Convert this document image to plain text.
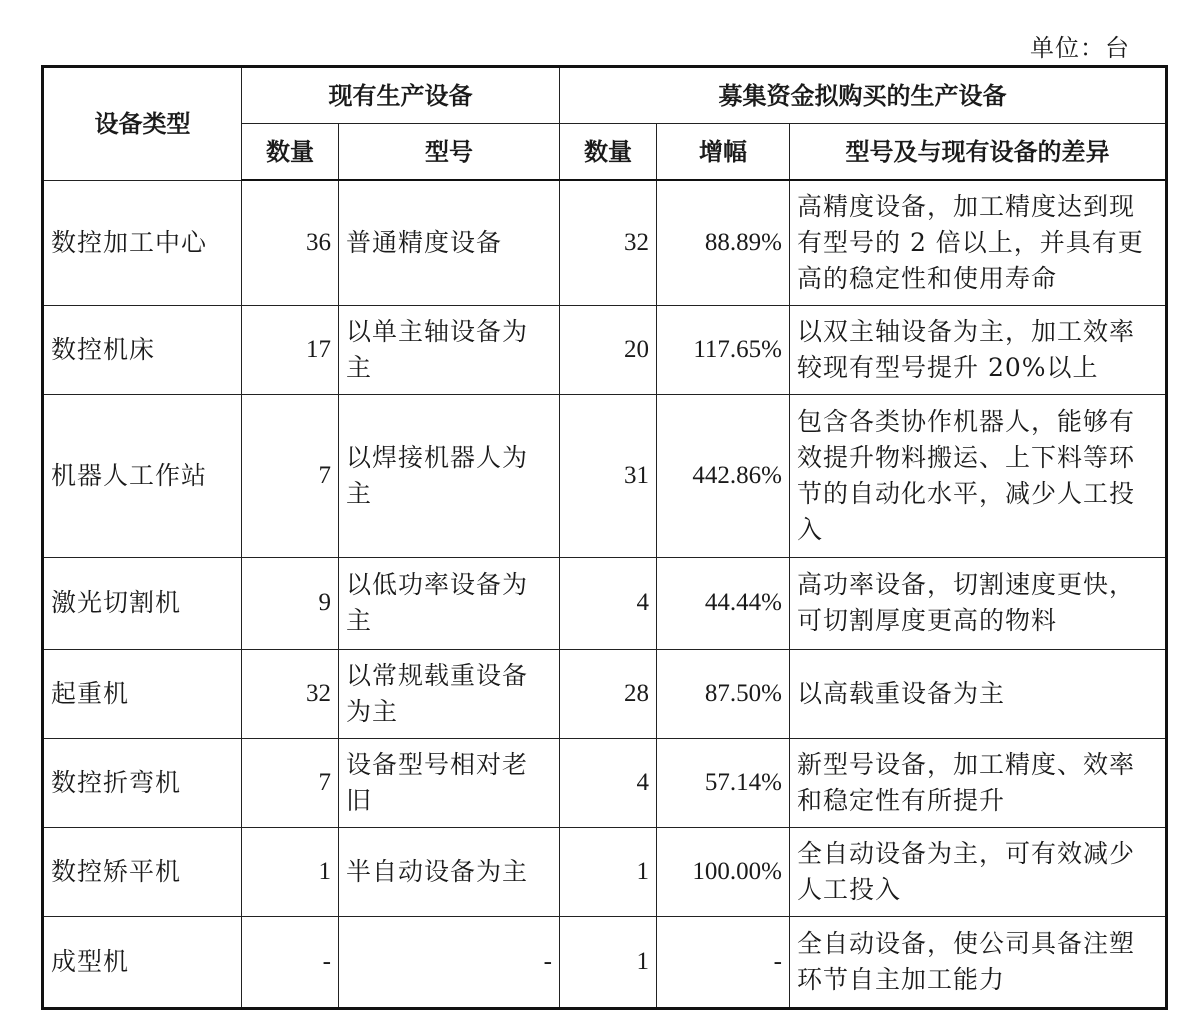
单位：台
设备类型	现有生产设备		募集资金拟购买的生产设备		
	数量	型号	数量	增幅	型号及与现有设备的差异
数控加工中心	36	普通精度设备	32	88.89%	高精度设备，加工精度达到现有型号的 2 倍以上，并具有更高的稳定性和使用寿命
数控机床	17	以单主轴设备为主	20	117.65%	以双主轴设备为主，加工效率较现有型号提升 20%以上
机器人工作站	7	以焊接机器人为主	31	442.86%	包含各类协作机器人，能够有效提升物料搬运、上下料等环节的自动化水平，减少人工投入
激光切割机	9	以低功率设备为主	4	44.44%	高功率设备，切割速度更快，可切割厚度更高的物料
起重机	32	以常规载重设备为主	28	87.50%	以高载重设备为主
数控折弯机	7	设备型号相对老旧	4	57.14%	新型号设备，加工精度、效率和稳定性有所提升
数控矫平机	1	半自动设备为主	1	100.00%	全自动设备为主，可有效减少人工投入
成型机	-	-	1	-	全自动设备，使公司具备注塑环节自主加工能力
